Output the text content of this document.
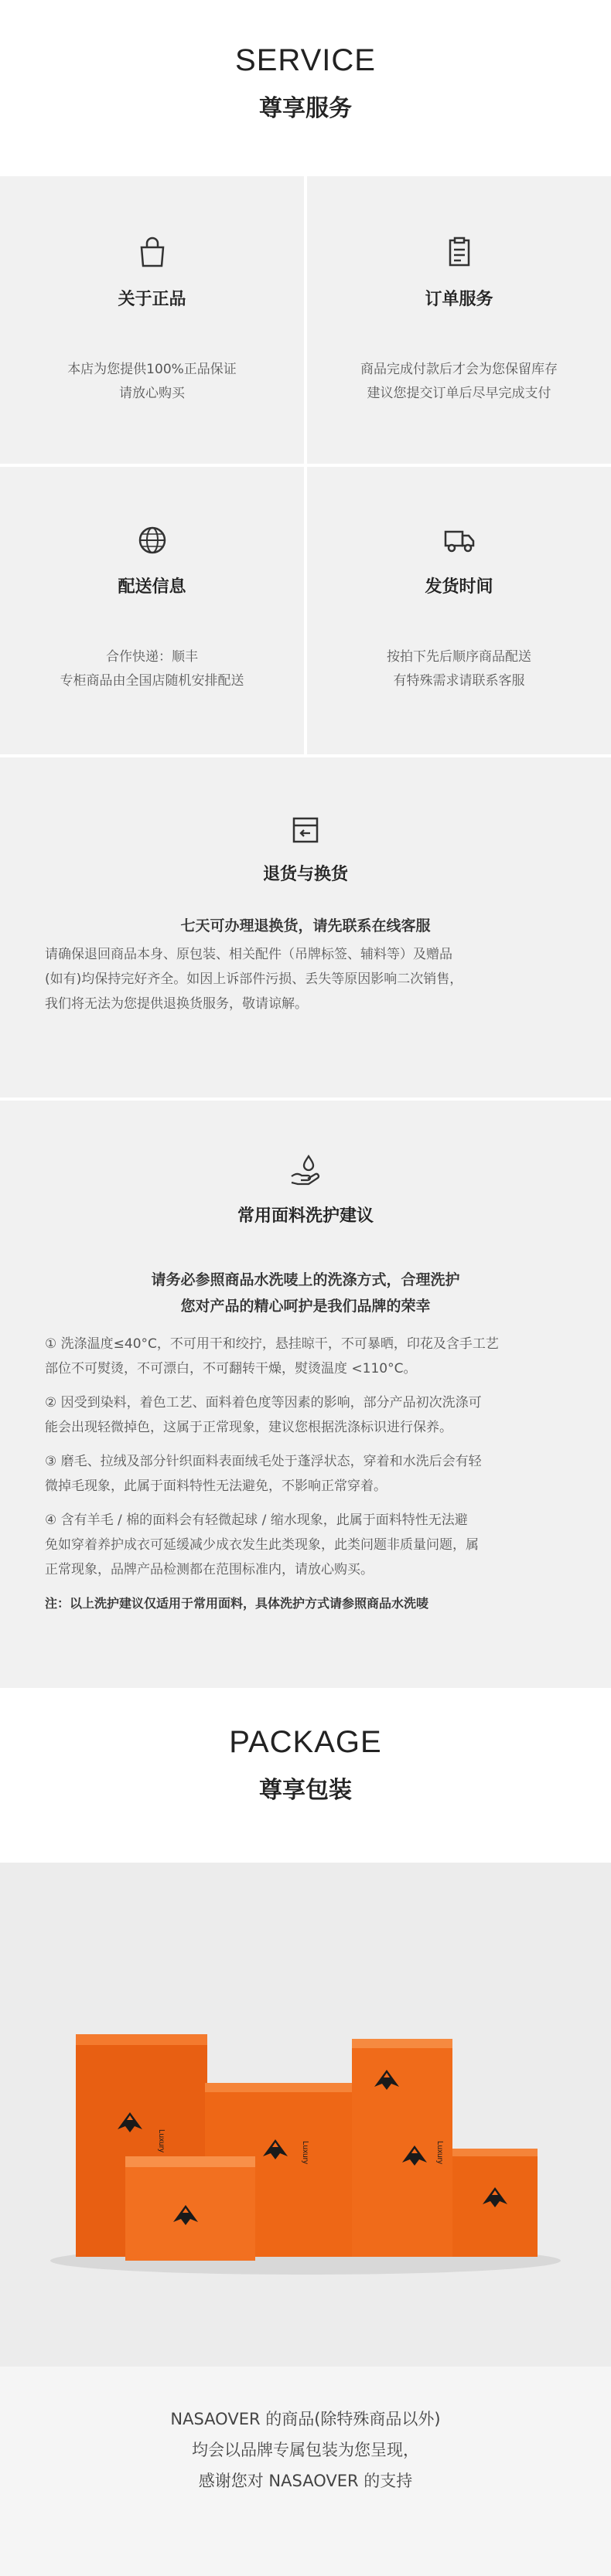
SERVICE
尊享服务
关于正品
本店为您提供100%正品保证
请放心购买
订单服务
商品完成付款后才会为您保留库存
建议您提交订单后尽早完成支付
配送信息
合作快递：顺丰
专柜商品由全国店随机安排配送
发货时间
按拍下先后顺序商品配送
有特殊需求请联系客服
退货与换货
七天可办理退换货，请先联系在线客服
请确保退回商品本身、原包装、相关配件（吊牌标签、辅料等）及赠品
(如有)均保持完好齐全。如因上诉部件污损、丢失等原因影响二次销售，
我们将无法为您提供退换货服务，敬请谅解。
常用面料洗护建议
请务必参照商品水洗唛上的洗涤方式，合理洗护
您对产品的精心呵护是我们品牌的荣幸
① 洗涤温度≤40°C，不可用干和绞拧，悬挂晾干，不可暴晒，印花及含手工艺
部位不可熨烫，不可漂白，不可翻转干燥，熨烫温度 <110°C。
② 因受到染料，着色工艺、面料着色度等因素的影响，部分产品初次洗涤可
能会出现轻微掉色，这属于正常现象，建议您根据洗涤标识进行保养。
③ 磨毛、拉绒及部分针织面料表面绒毛处于蓬浮状态，穿着和水洗后会有轻
微掉毛现象，此属于面料特性无法避免，不影响正常穿着。
④ 含有羊毛 / 棉的面料会有轻微起球 / 缩水现象，此属于面料特性无法避
免如穿着养护成衣可延缓减少成衣发生此类现象，此类问题非质量问题，属
正常现象，品牌产品检测都在范围标准内，请放心购买。
注：以上洗护建议仅适用于常用面料，具体洗护方式请参照商品水洗唛
PACKAGE
尊享包装
Luxury	Luxury	Luxury
NASAOVER 的商品(除特殊商品以外)
均会以品牌专属包装为您呈现，
感谢您对 NASAOVER 的支持
